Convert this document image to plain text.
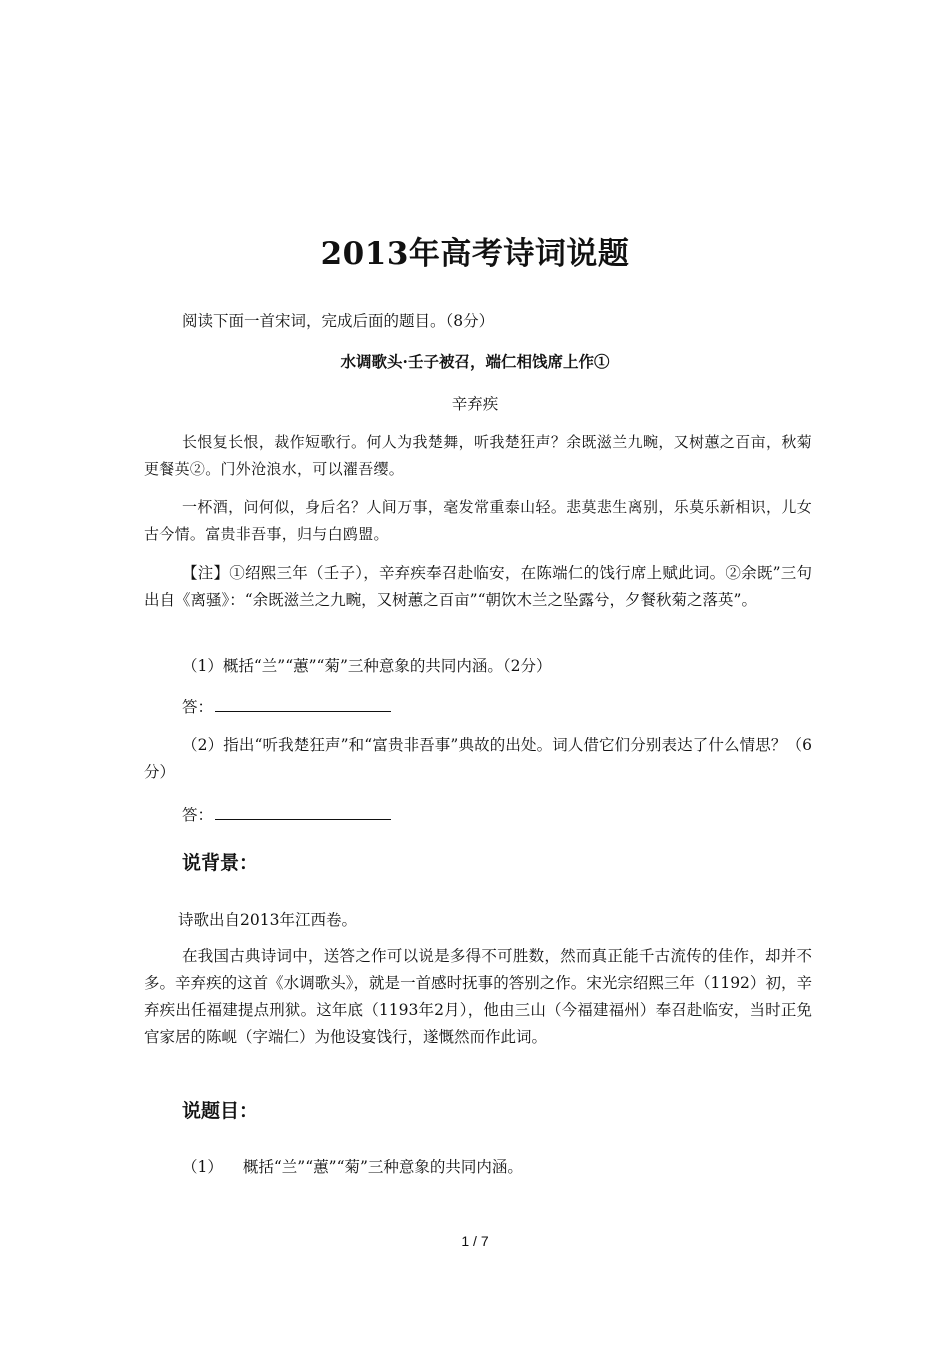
2013年高考诗词说题
阅读下面一首宋词，完成后面的题目。（8分）
水调歌头·壬子被召，端仁相饯席上作①
辛弃疾
长恨复长恨，裁作短歌行。何人为我楚舞，听我楚狂声？余既滋兰九畹，又树蕙之百亩，秋菊更餐英②。门外沧浪水，可以濯吾缨。
一杯酒，问何似，身后名？人间万事，毫发常重泰山轻。悲莫悲生离别，乐莫乐新相识，儿女古今情。富贵非吾事，归与白鸥盟。
【注】①绍熙三年（壬子），辛弃疾奉召赴临安，在陈端仁的饯行席上赋此词。②余既”三句出自《离骚》：“余既滋兰之九畹，又树蕙之百亩”“朝饮木兰之坠露兮，夕餐秋菊之落英”。
（1）概括“兰”“蕙”“菊”三种意象的共同内涵。（2分）
答：
（2）指出“听我楚狂声”和“富贵非吾事”典故的出处。词人借它们分别表达了什么情思？（6分）
答：
说背景：
诗歌出自2013年江西卷。
在我国古典诗词中，送答之作可以说是多得不可胜数，然而真正能千古流传的佳作，却并不多。辛弃疾的这首《水调歌头》，就是一首感时抚事的答别之作。宋光宗绍熙三年（1192）初，辛弃疾出任福建提点刑狱。这年底（1193年2月），他由三山（今福建福州）奉召赴临安，当时正免官家居的陈岘（字端仁）为他设宴饯行，遂慨然而作此词。
说题目：
（1） 概括“兰”“蕙”“菊”三种意象的共同内涵。
1 / 7
